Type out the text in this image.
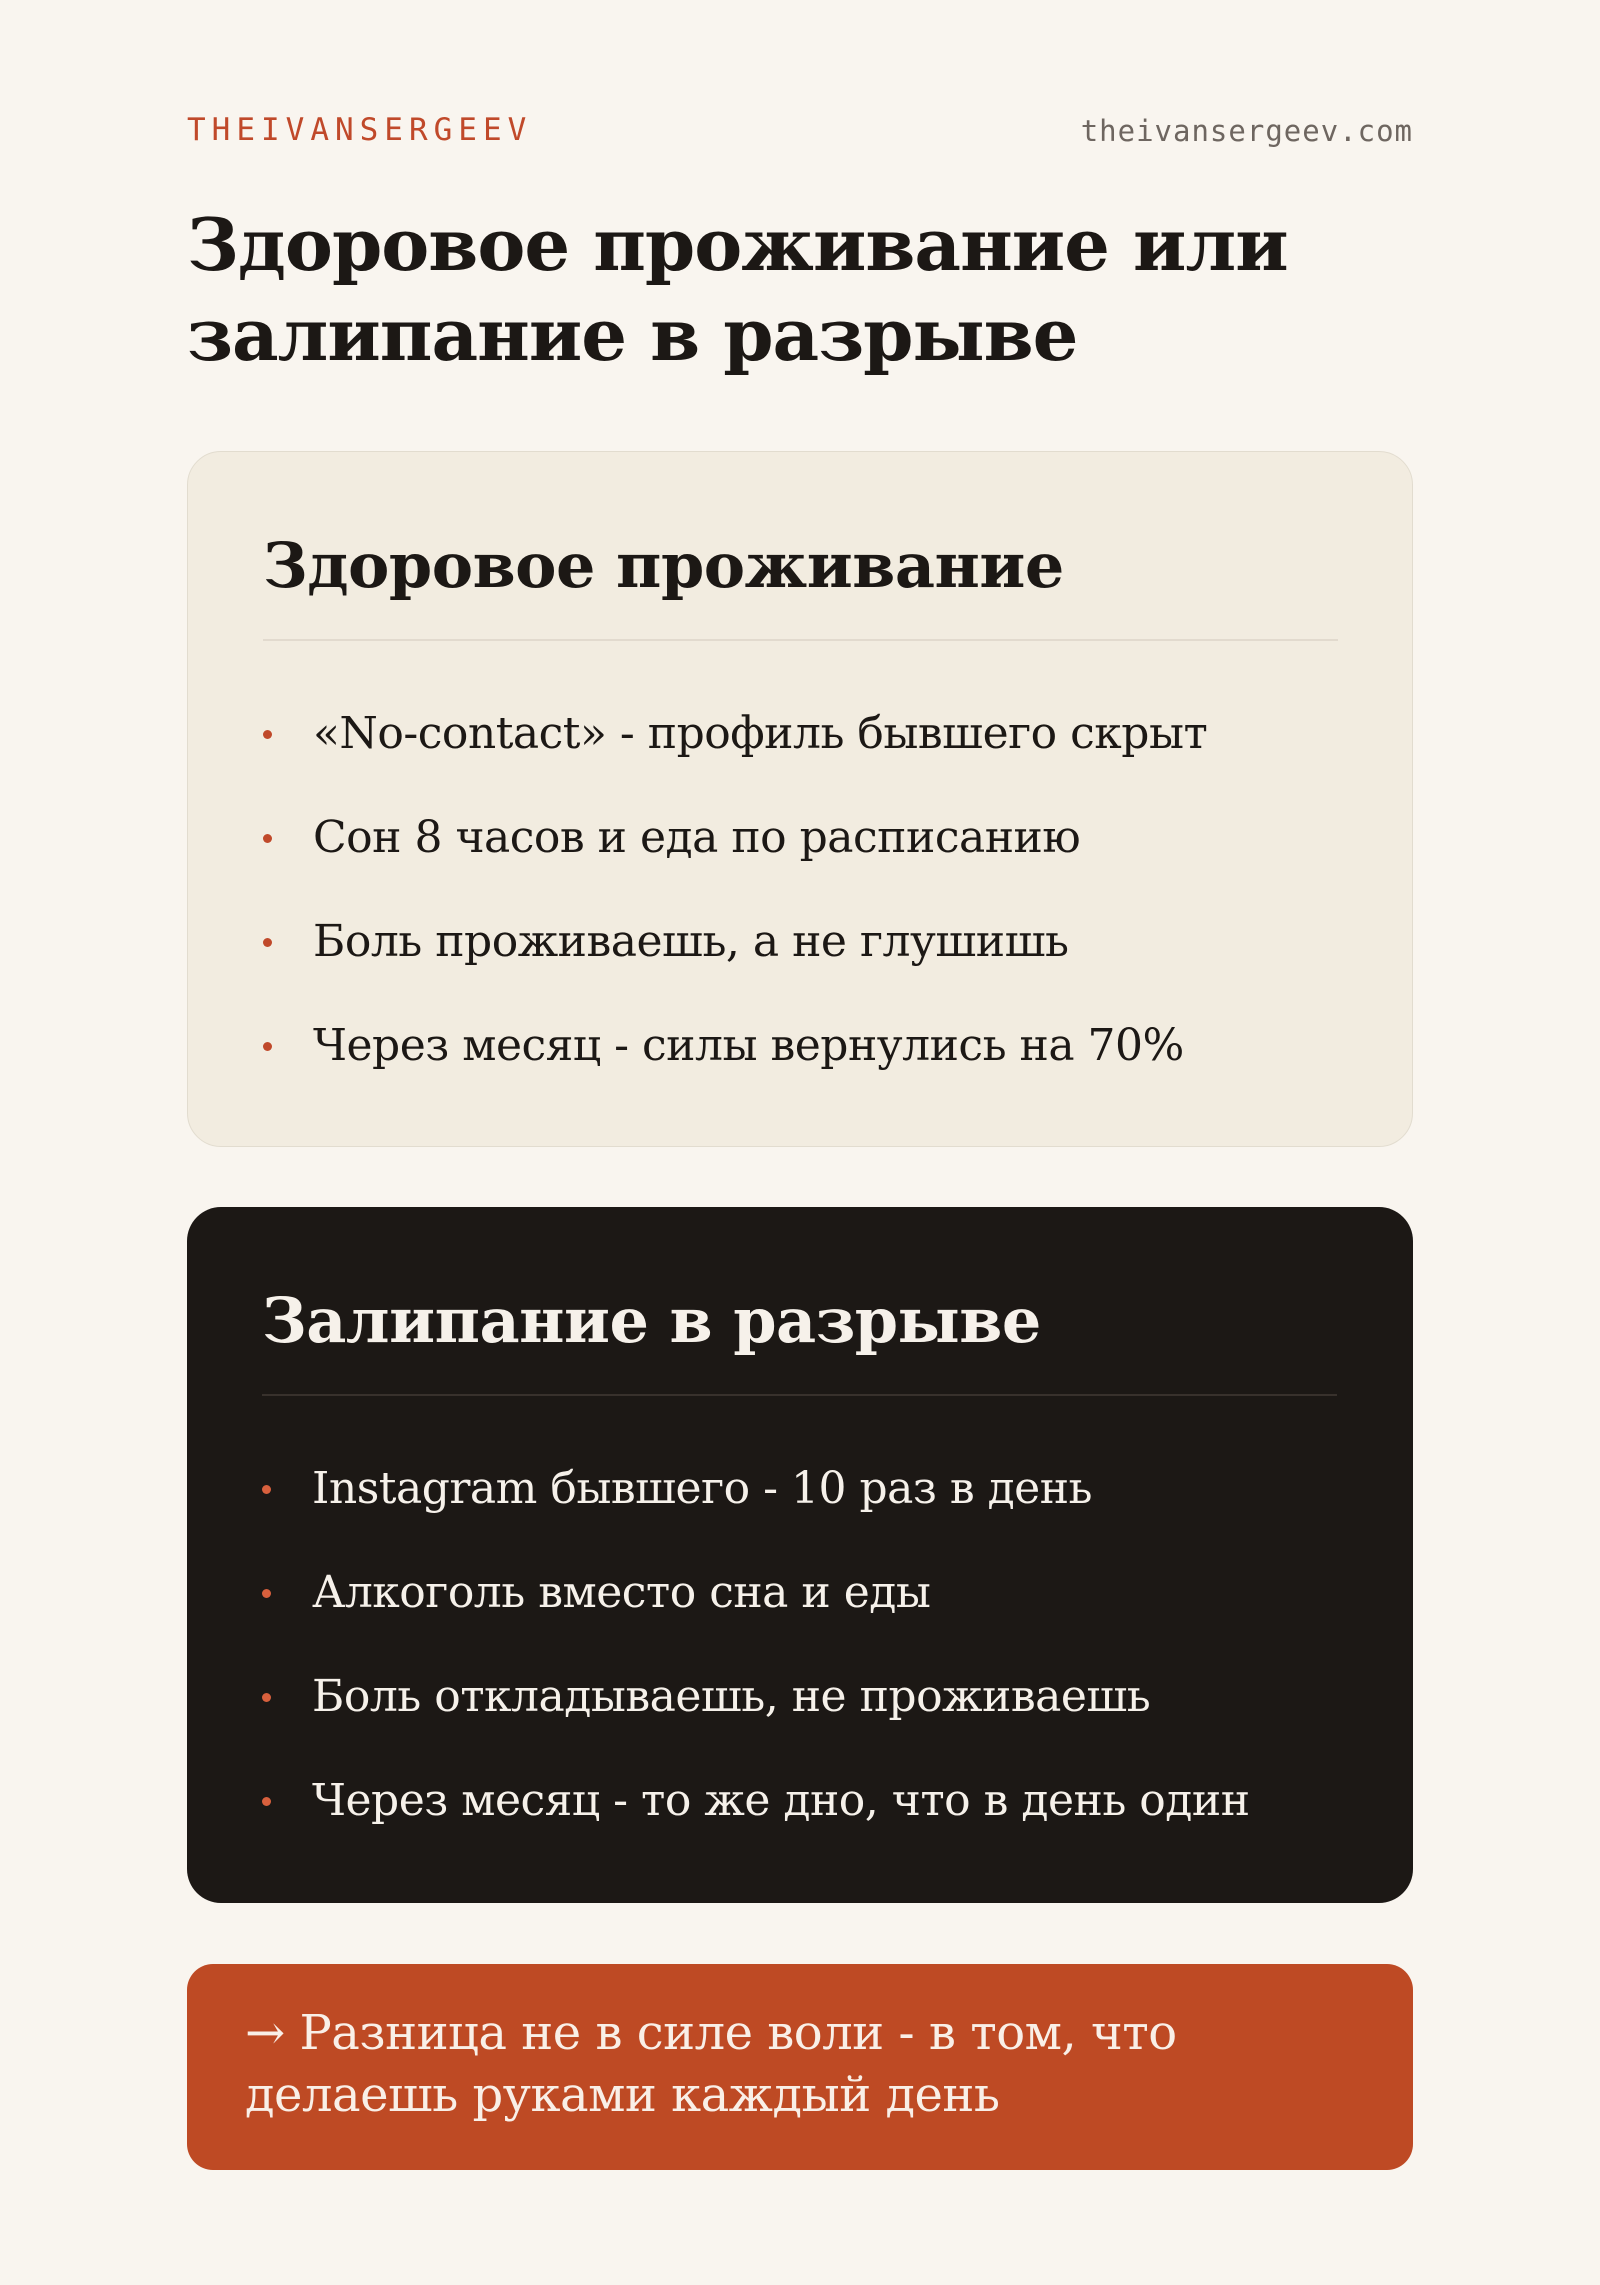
THEIVANSERGEEV	theivansergeev.com
Здоровое проживание или залипание в разрыве
Здоровое проживание
«No-contact» - профиль бывшего скрыт
Сон 8 часов и еда по расписанию
Боль проживаешь, а не глушишь
Через месяц - силы вернулись на 70%
Залипание в разрыве
Instagram бывшего - 10 раз в день
Алкоголь вместо сна и еды
Боль откладываешь, не проживаешь
Через месяц - то же дно, что в день один

→ Разница не в силе воли - в том, что делаешь руками каждый день
